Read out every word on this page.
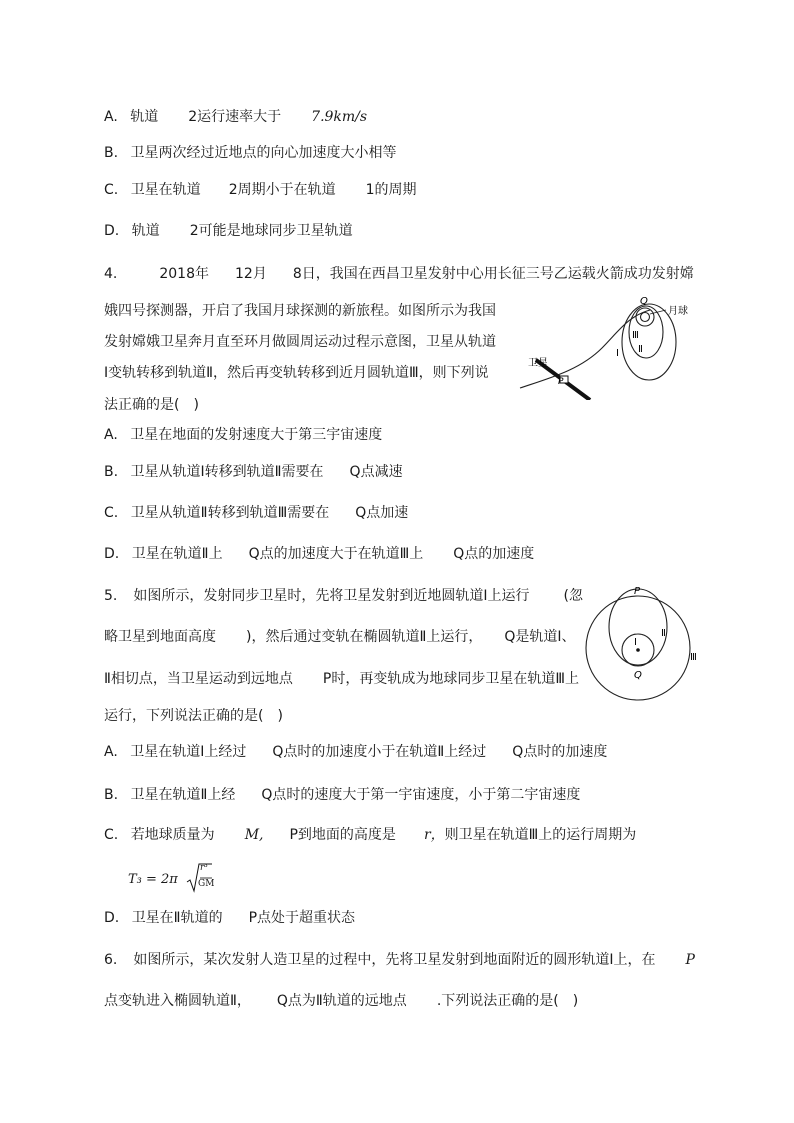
A. 轨道 2运行速率大于 7.9km/s
B. 卫星两次经过近地点的向心加速度大小相等
C. 卫星在轨道 2周期小于在轨道 1的周期
D. 轨道 2可能是地球同步卫星轨道
4.	2018年 12月 8日，我国在西昌卫星发射中心用长征三号乙运载火箭成功发射嫦
娥四号探测器，开启了我国月球探测的新旅程。如图所示为我国
发射嫦娥卫星奔月直至环月做圆周运动过程示意图，卫星从轨道
Ⅰ变轨转移到轨道Ⅱ，然后再变轨转移到近月圆轨道Ⅲ，则下列说
法正确的是(　)
Q
月球
Ⅲ
Ⅱ
Ⅰ
卫星
P
A. 卫星在地面的发射速度大于第三宇宙速度
B. 卫星从轨道Ⅰ转移到轨道Ⅱ需要在 Q点减速
C. 卫星从轨道Ⅱ转移到轨道Ⅲ需要在 Q点加速
D. 卫星在轨道Ⅱ上 Q点的加速度大于在轨道Ⅲ上 Q点的加速度
5. 如图所示，发射同步卫星时，先将卫星发射到近地圆轨道Ⅰ上运行 (忽
略卫星到地面高度 )，然后通过变轨在椭圆轨道Ⅱ上运行， Q是轨道Ⅰ、
Ⅱ相切点，当卫星运动到远地点 P时，再变轨成为地球同步卫星在轨道Ⅲ上
运行，下列说法正确的是(　)
P
Ⅰ
Ⅱ
Ⅲ
Q
A. 卫星在轨道Ⅰ上经过 Q点时的加速度小于在轨道Ⅱ上经过 Q点时的加速度
B. 卫星在轨道Ⅱ上经 Q点时的速度大于第一宇宙速度，小于第二宇宙速度
C. 若地球质量为 M, P到地面的高度是 r，则卫星在轨道Ⅲ上的运行周期为
T₃ = 2π
r³
GM
D. 卫星在Ⅱ轨道的 P点处于超重状态
6. 如图所示，某次发射人造卫星的过程中，先将卫星发射到地面附近的圆形轨道Ⅰ上，在 P
点变轨进入椭圆轨道Ⅱ， Q点为Ⅱ轨道的远地点 .下列说法正确的是(　)
